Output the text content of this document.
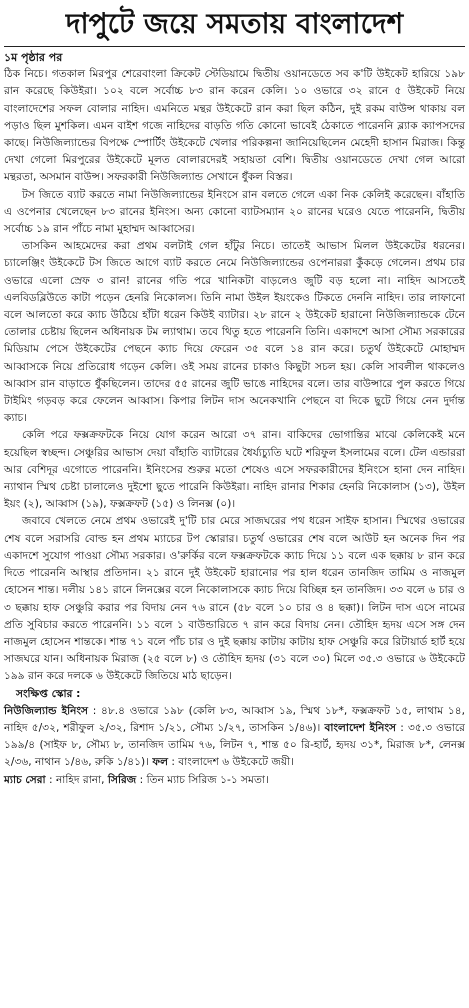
দাপুটে জয়ে সমতায় বাংলাদেশ
১ম পৃষ্ঠার পর

ঠিক নিচে। গতকাল মিরপুর শেরেবাংলা ক্রিকেট স্টেডিয়ামে দ্বিতীয় ওয়ানডেতে সব ক'টি উইকেট হারিয়ে ১৯৮ রান করেছে কিউইরা। ১০২ বলে সর্বোচ্চ ৮৩ রান করেন কেলি। ১০ ওভারে ৩২ রানে ৫ উইকেট নিয়ে বাংলাদেশের সফল বোলার নাহিদ। এমনিতে মন্থর উইকেটে রান করা ছিল কঠিন, দুই রকম বাউন্স থাকায় বল পড়াও ছিল মুশকিল। এমন বাইশ গজে নাহিদের বাড়তি গতি কোনো ভাবেই ঠেকাতে পারেননি ব্ল্যাক ক্যাপসদের কাছে। নিউজিল্যান্ডের বিপক্ষে স্পোর্টিং উইকেটে খেলার পরিকল্পনা জানিয়েছিলেন মেহেদী হাসান মিরাজ। কিন্তু দেখা গেলো মিরপুরের উইকেটে মূলত বোলারদেরই সহায়তা বেশি। দ্বিতীয় ওয়ানডেতে দেখা গেল আরো মন্থরতা, অসমান বাউন্স। সফরকারী নিউজিল্যান্ড সেখানে ধুঁকল বিস্তর।

টস জিতে ব্যাট করতে নামা নিউজিল্যান্ডের ইনিংসে রান বলতে গেলে একা নিক কেলিই করেছেন। বাঁহাতি এ ওপেনার খেলেছেন ৮৩ রানের ইনিংস। অন্য কোনো ব্যাটসম্যান ২০ রানের ঘরেও যেতে পারেননি, দ্বিতীয় সর্বোচ্চ ১৯ রান পাঁচে নামা মুহাম্মদ আব্বাসের।

তাসকিন আহমেদের করা প্রথম বলটাই গেল হাঁটুর নিচে। তাতেই আভাস মিলল উইকেটের ধরনের। চ্যালেঞ্জিং উইকেটে টস জিতে আগে ব্যাট করতে নেমে নিউজিল্যান্ডের ওপেনাররা কুঁকড়ে গেলেন। প্রথম চার ওভারে এলো স্রেফ ৩ রান! রানের গতি পরে খানিকটা বাড়লেও জুটি বড় হলো না। নাহিদ আসতেই এলবিডব্লিউতে কাটা পড়েন হেনরি নিকোলস। তিনি নামা উইল ইয়ংকেও টিকতে দেননি নাহিদ। তার লাফানো বলে আলতো করে ক্যাচ উঠিয়ে হাঁটা ধরেন কিউই ব্যাটার। ২৮ রানে ২ উইকেট হারানো নিউজিল্যান্ডকে টেনে তোলার চেষ্টায় ছিলেন অধিনায়ক টম ল্যাথাম। তবে থিতু হতে পারেননি তিনি। একাদশে আসা সৌম্য সরকারের মিডিয়াম পেসে উইকেটের পেছনে ক্যাচ দিয়ে ফেরেন ৩৫ বলে ১৪ রান করে। চতুর্থ উইকেটে মোহাম্মদ আব্বাসকে নিয়ে প্রতিরোধ গড়েন কেলি। ওই সময় রানের চাকাও কিছুটা সচল হয়। কেলি সাবলীল থাকলেও আব্বাস রান বাড়াতে ধুঁকছিলেন। তাদের ৫৫ রানের জুটি ভাঙে নাহিদের বলে। তার বাউন্সারে পুল করতে গিয়ে টাইমিং গড়বড় করে ফেলেন আব্বাস। কিপার লিটন দাস অনেকখানি পেছনে বা দিকে ছুটে গিয়ে নেন দুর্দান্ত ক্যাচ।

কেলি পরে ফক্সক্রফটকে নিয়ে যোগ করেন আরো ৩৭ রান। বাকিদের ভোগান্তির মাঝে কেলিকেই মনে হয়েছিল স্বচ্ছন্দ। সেঞ্চুরির আভাস দেয়া বাঁহাতি ব্যাটারের ধৈর্য্যচ্যুতি ঘটে শরিফুল ইসলামের বলে। টেল এন্ডাররা আর বেশিদূর এগোতে পারেননি। ইনিংসের শুরুর মতো শেষেও এসে সফরকারীদের ইনিংসে হানা দেন নাহিদ। ন্যাথান স্মিথ চেষ্টা চালালেও দুইশো ছুতে পারেনি কিউইরা। নাহিদ রানার শিকার হেনরি নিকোলাস (১৩), উইল ইয়ং (২), আব্বাস (১৯), ফক্সক্রফট (১৫) ও লিনক্স (০)।

জবাবে খেলতে নেমে প্রথম ওভারেই দু'টি চার মেরে সাজঘরের পথ ধরেন সাইফ হাসান। স্মিথের ওভারের শেষ বলে সরাসরি বোল্ড হন প্রথম ম্যাচের টপ স্কোরার। চতুর্থ ওভারের শেষ বলে আউট হন অনেক দিন পর একাদশে সুযোগ পাওয়া সৌম্য সরকার। ও'রুর্কির বলে ফক্সক্রফটকে ক্যাচ দিয়ে ১১ বলে এক ছক্কায় ৮ রান করে দিতে পারেননি আস্থার প্রতিদান। ২১ রানে দুই উইকেট হারানোর পর হাল ধরেন তানজিদ তামিম ও নাজমুল হোসেন শান্ত। দলীয় ১৪১ রানে লিনক্সের বলে নিকোলাসকে ক্যাচ দিয়ে বিচ্ছিন্ন হন তানজিদ। ৩৩ বলে ৬ চার ও ৩ ছক্কায় হাফ সেঞ্চুরি করার পর বিদায় নেন ৭৬ রানে (৫৮ বলে ১০ চার ও ৪ ছক্কা)। লিটন দাস এসে নামের প্রতি সুবিচার করতে পারেননি। ১১ বলে ১ বাউন্ডারিতে ৭ রান করে বিদায় নেন। তৌহিদ হৃদয় এসে সঙ্গ দেন নাজমুল হোসেন শান্তকে। শান্ত ৭১ বলে পাঁচ চার ও দুই ছক্কায় কাটায় কাটায় হাফ সেঞ্চুরি করে রিটায়ার্ড হার্ট হয়ে সাজঘরে যান। অধিনায়ক মিরাজ (২৫ বলে ৮) ও তৌহিদ হৃদয় (৩১ বলে ৩০) মিলে ৩৫.৩ ওভারে ৬ উইকেটে ১৯৯ রান করে দলকে ৬ উইকেটে জিতিয়ে মাঠ ছাড়েন।

সংক্ষিপ্ত স্কোর :

নিউজিল্যান্ড ইনিংস : ৪৮.৪ ওভারে ১৯৮ (কেলি ৮৩, আব্বাস ১৯, স্মিথ ১৮*, ফক্সক্রফট ১৫, লাথাম ১৪, নাহিদ ৫/৩২, শরীফুল ২/৩২, রিশাদ ১/২১, সৌম্য ১/২৭, তাসকিন ১/৪৬)। বাংলাদেশ ইনিংস : ৩৫.৩ ওভারে ১৯৯/৪ (সাইফ ৮, সৌম্য ৮, তানজিদ তামিম ৭৬, লিটন ৭, শান্ত ৫০ রি-হার্ট, হৃদয় ৩১*, মিরাজ ৮*, লেনক্স ২/৩৬, নাথান ১/৪৬, রুকি ১/৪১)। ফল : বাংলাদেশ ৬ উইকেটে জয়ী।

ম্যাচ সেরা : নাহিদ রানা, সিরিজ : তিন ম্যাচ সিরিজ ১-১ সমতা।
